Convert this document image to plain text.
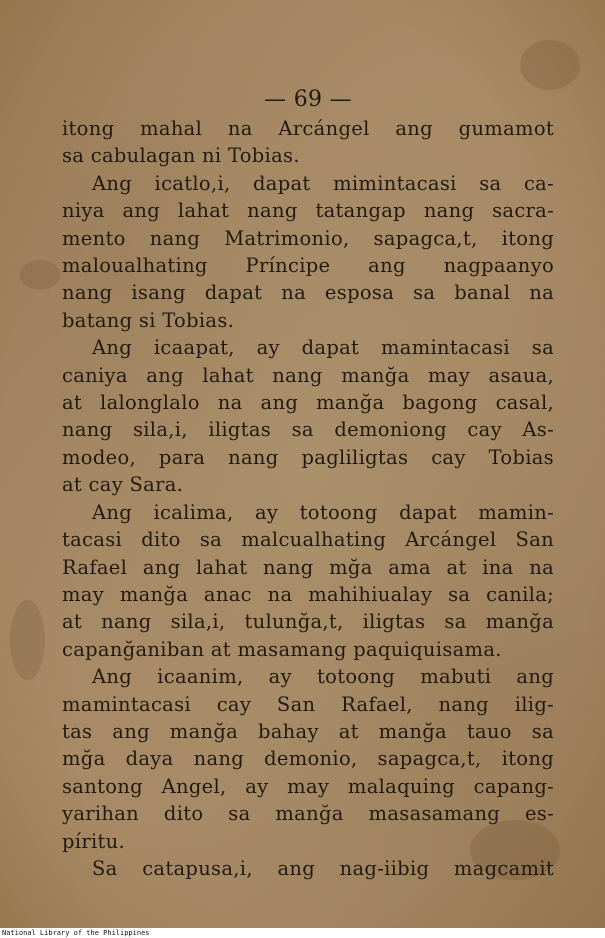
— 69 —
itong mahal na Arcángel ang gumamot
sa cabulagan ni Tobias.
Ang icatlo,i, dapat mimintacasi sa ca-
niya ang lahat nang tatangap nang sacra-
mento nang Matrimonio, sapagca,t, itong
maloualhating Príncipe ang nagpaanyo
nang isang dapat na esposa sa banal na
batang si Tobias.
Ang icaapat, ay dapat mamintacasi sa
caniya ang lahat nang manğa may asaua,
at lalonglalo na ang manğa bagong casal,
nang sila,i, iligtas sa demoniong cay As-
modeo, para nang pagliligtas cay Tobias
at cay Sara.
Ang icalima, ay totoong dapat mamin-
tacasi dito sa malcualhating Arcángel San
Rafael ang lahat nang mğa ama at ina na
may manğa anac na mahihiualay sa canila;
at nang sila,i, tulunğa,t, iligtas sa manğa
capanğaniban at masamang paquiquisama.
Ang icaanim, ay totoong mabuti ang
mamintacasi cay San Rafael, nang ilig-
tas ang manğa bahay at manğa tauo sa
mğa daya nang demonio, sapagca,t, itong
santong Angel, ay may malaquing capang-
yarihan dito sa manğa masasamang es-
píritu.
Sa catapusa,i, ang nag-iibig magcamit
National Library of the Philippines
